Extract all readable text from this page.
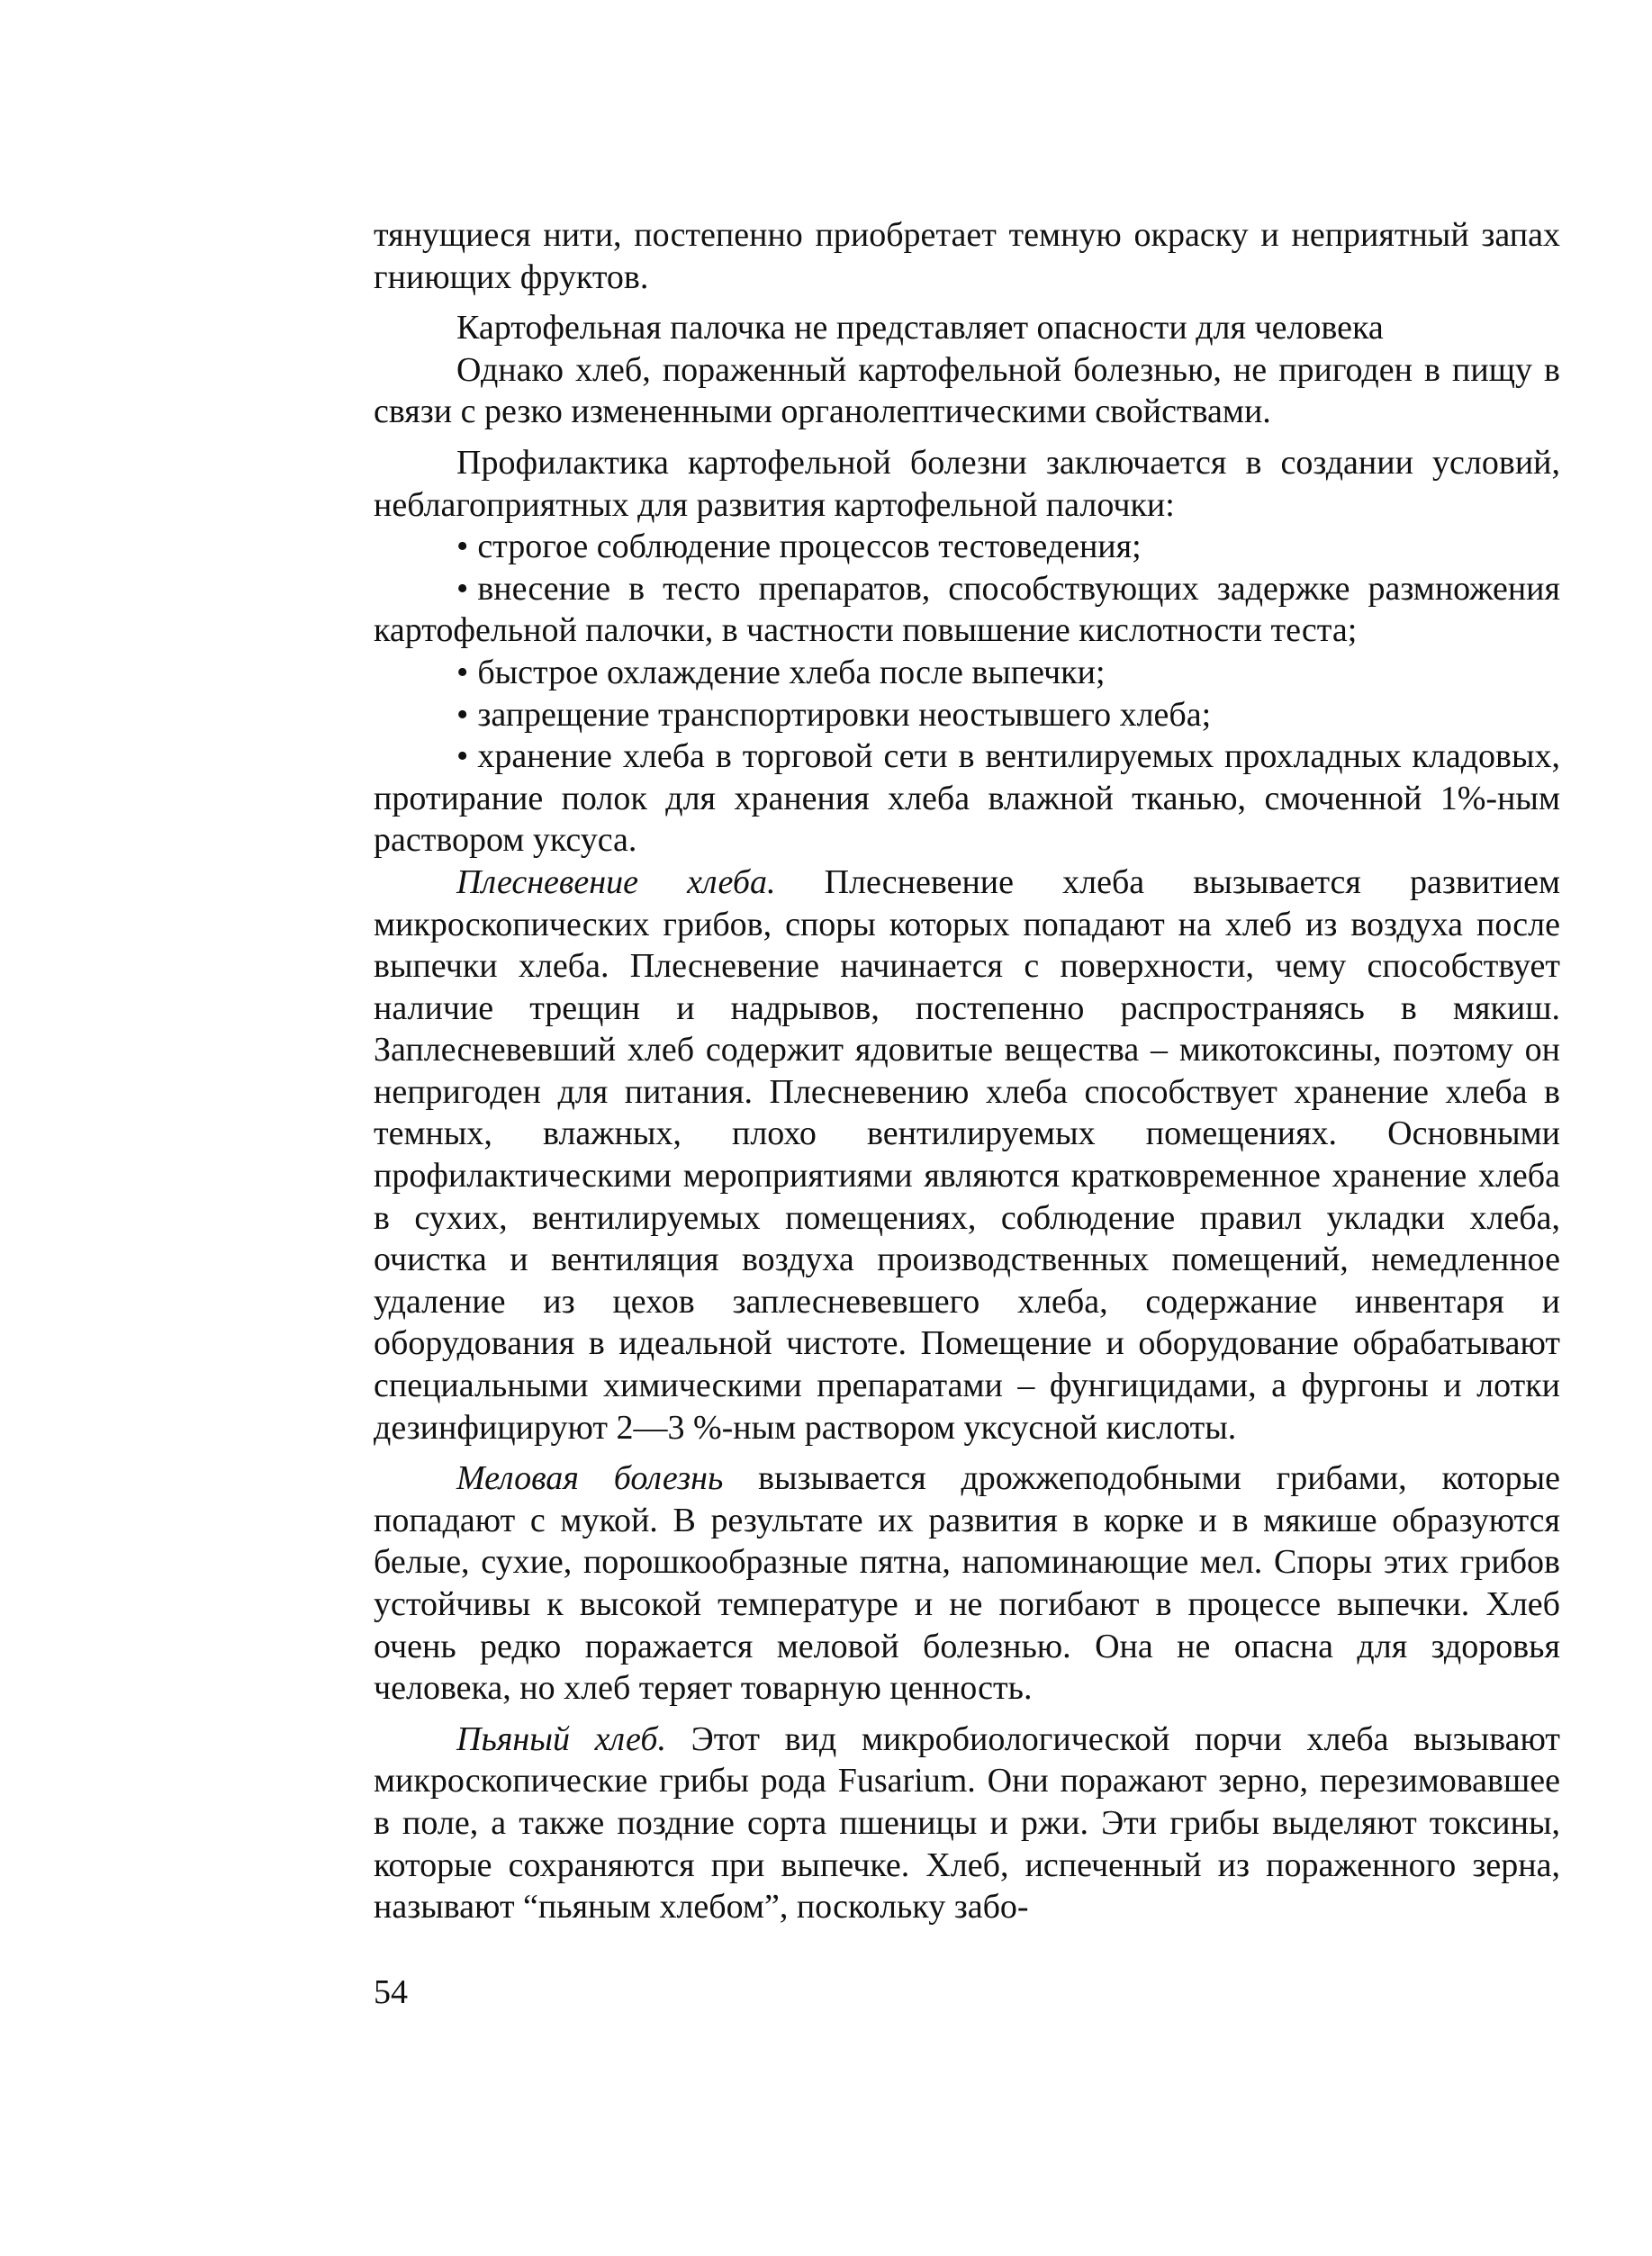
тянущиеся нити, постепенно приобретает темную окраску и неприятный запах гниющих фруктов.

Картофельная палочка не представляет опасности для человека

Однако хлеб, пораженный картофельной болезнью, не пригоден в пищу в связи с резко измененными органолептическими свойствами.

Профилактика картофельной болезни заключается в создании условий, неблагоприятных для развития картофельной палочки:

• строгое соблюдение процессов тестоведения;

• внесение в тесто препаратов, способствующих задержке размножения картофельной палочки, в частности повышение кислотности теста;

• быстрое охлаждение хлеба после выпечки;

• запрещение транспортировки неостывшего хлеба;

• хранение хлеба в торговой сети в вентилируемых прохладных кладовых, протирание полок для хранения хлеба влажной тканью, смоченной 1%-ным раствором уксуса.

Плесневение хлеба. Плесневение хлеба вызывается развитием микроскопических грибов, споры которых попадают на хлеб из воздуха после выпечки хлеба. Плесневение начинается с поверхности, чему способствует наличие трещин и надрывов, постепенно распространяясь в мякиш. Заплесневевший хлеб содержит ядовитые вещества – микотоксины, поэтому он непригоден для питания. Плесневению хлеба способствует хранение хлеба в темных, влажных, плохо вентилируемых помещениях. Основными профилактическими мероприятиями являются кратковременное хранение хлеба в сухих, вентилируемых помещениях, соблюдение правил укладки хлеба, очистка и вентиляция воздуха производственных помещений, немедленное удаление из цехов заплесневевшего хлеба, содержание инвентаря и оборудования в идеальной чистоте. Помещение и оборудование обрабатывают специальными химическими препаратами – фунгицидами, а фургоны и лотки дезинфицируют 2—3 %-ным раствором уксусной кислоты.

Меловая болезнь вызывается дрожжеподобными грибами, которые попадают с мукой. В результате их развития в корке и в мякише образуются белые, сухие, порошкообразные пятна, напоминающие мел. Споры этих грибов устойчивы к высокой температуре и не погибают в процессе выпечки. Хлеб очень редко поражается меловой болезнью. Она не опасна для здоровья человека, но хлеб теряет товарную ценность.

Пьяный хлеб. Этот вид микробиологической порчи хлеба вызывают микроскопические грибы рода Fusarium. Они поражают зерно, перезимовавшее в поле, а также поздние сорта пшеницы и ржи. Эти грибы выделяют токсины, которые сохраняются при выпечке. Хлеб, испеченный из пораженного зерна, называют “пьяным хлебом”, поскольку забо-

54
